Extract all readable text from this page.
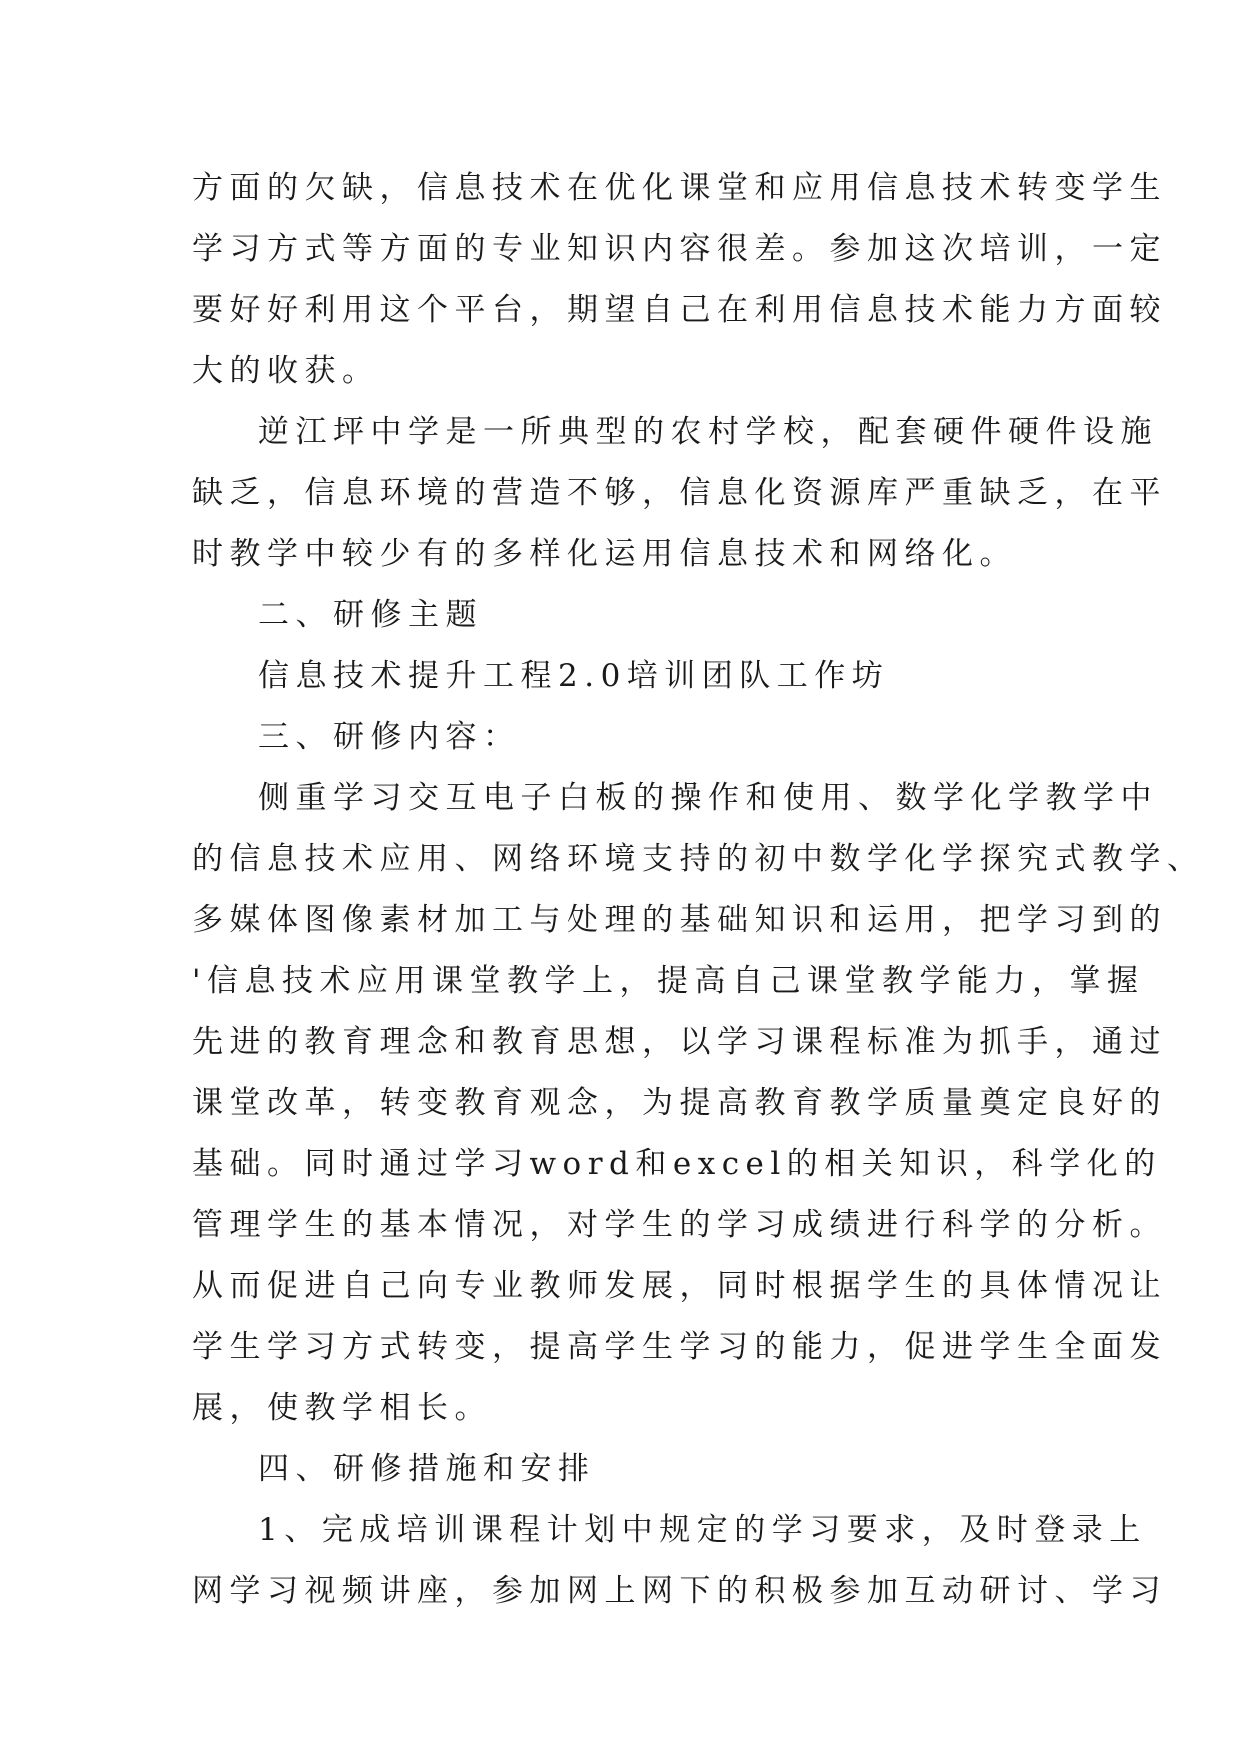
方面的欠缺，信息技术在优化课堂和应用信息技术转变学生
学习方式等方面的专业知识内容很差。参加这次培训，一定
要好好利用这个平台，期望自己在利用信息技术能力方面较
大的收获。
逆江坪中学是一所典型的农村学校，配套硬件硬件设施
缺乏，信息环境的营造不够，信息化资源库严重缺乏，在平
时教学中较少有的多样化运用信息技术和网络化。
二、研修主题
信息技术提升工程2.0培训团队工作坊
三、研修内容：
侧重学习交互电子白板的操作和使用、数学化学教学中
的信息技术应用、网络环境支持的初中数学化学探究式教学、
多媒体图像素材加工与处理的基础知识和运用，把学习到的
'信息技术应用课堂教学上，提高自己课堂教学能力，掌握
先进的教育理念和教育思想，以学习课程标准为抓手，通过
课堂改革，转变教育观念，为提高教育教学质量奠定良好的
基础。同时通过学习word和excel的相关知识，科学化的
管理学生的基本情况，对学生的学习成绩进行科学的分析。
从而促进自己向专业教师发展，同时根据学生的具体情况让
学生学习方式转变，提高学生学习的能力，促进学生全面发
展，使教学相长。
四、研修措施和安排
1、完成培训课程计划中规定的学习要求，及时登录上
网学习视频讲座，参加网上网下的积极参加互动研讨、学习
